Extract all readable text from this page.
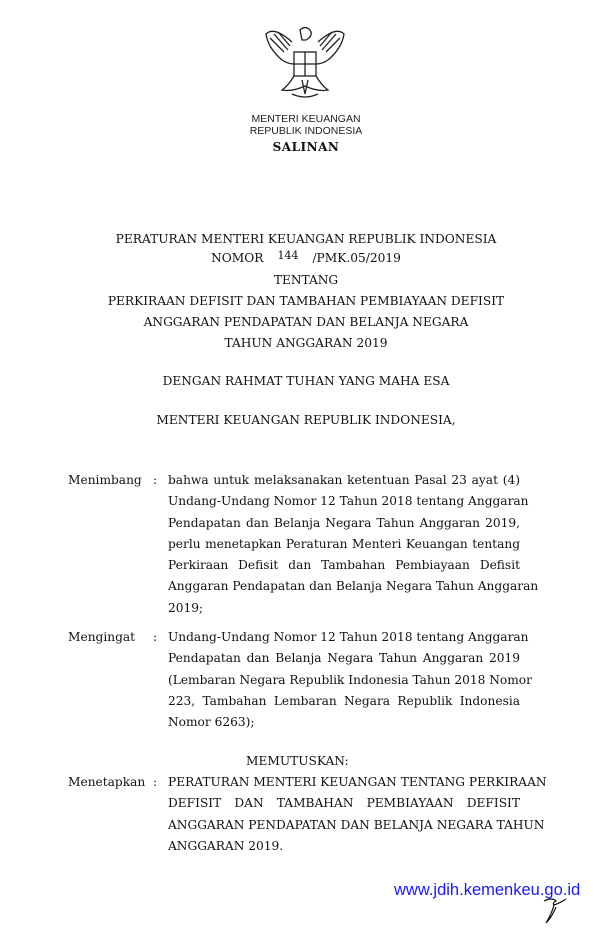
MENTERI KEUANGAN
REPUBLIK INDONESIA
SALINAN
PERATURAN MENTERI KEUANGAN REPUBLIK INDONESIA
NOMOR 144 /PMK.05/2019
TENTANG
PERKIRAAN DEFISIT DAN TAMBAHAN PEMBIAYAAN DEFISIT
ANGGARAN PENDAPATAN DAN BELANJA NEGARA
TAHUN ANGGARAN 2019
DENGAN RAHMAT TUHAN YANG MAHA ESA
MENTERI KEUANGAN REPUBLIK INDONESIA,
Menimbang : bahwa untuk melaksanakan ketentuan Pasal 23 ayat (4)
Undang-Undang Nomor 12 Tahun 2018 tentang Anggaran
Pendapatan dan Belanja Negara Tahun Anggaran 2019,
perlu menetapkan Peraturan Menteri Keuangan tentang
Perkiraan Defisit dan Tambahan Pembiayaan Defisit
Anggaran Pendapatan dan Belanja Negara Tahun Anggaran
2019;
Mengingat : Undang-Undang Nomor 12 Tahun 2018 tentang Anggaran
Pendapatan dan Belanja Negara Tahun Anggaran 2019
(Lembaran Negara Republik Indonesia Tahun 2018 Nomor
223, Tambahan Lembaran Negara Republik Indonesia
Nomor 6263);
MEMUTUSKAN:
Menetapkan : PERATURAN MENTERI KEUANGAN TENTANG PERKIRAAN
DEFISIT DAN TAMBAHAN PEMBIAYAAN DEFISIT
ANGGARAN PENDAPATAN DAN BELANJA NEGARA TAHUN
ANGGARAN 2019.
www.jdih.kemenkeu.go.id
